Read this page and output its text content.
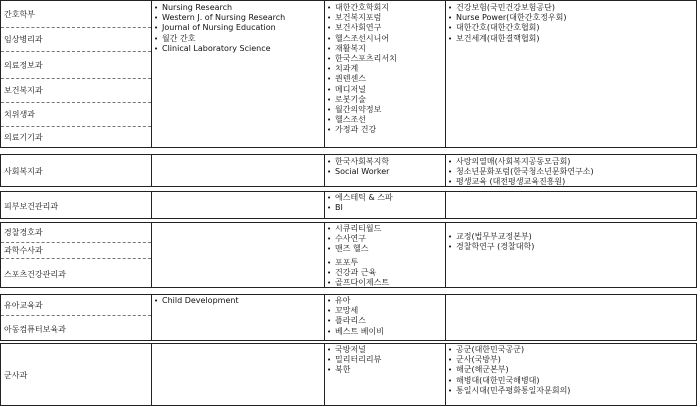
간호학부
임상병리과
의료정보과
보건복지과
치위생과
의료기기과
• Nursing Research
• Western J. of Nursing Research
• Journal of Nursing Education
• 월간 간호
• Clinical Laboratory Science
• 대한간호학회지
• 보건복지포럼
• 보건사회연구
• 헬스조선시니어
• 재활복지
• 한국스포츠리서치
• 치과계
• 퀀텐센스
• 메디저널
• 로봇기술
• 월간의약정보
• 헬스조선
• 가정과 건강
• 건강보험(국민건강보험공단)
• Nurse Power(대한간호정우회)
• 대한간호(대한간호협회)
• 보건세계(대한결핵협회)
사회복지과
• 한국사회복지학
• Social Worker
• 사랑의열매(사회복지공동모금회)
• 청소년문화포럼(한국청소년문화연구소)
• 평생교육 (대전평생교육진흥원)
피부보건관리과
• 에스테틱 & 스파
• BI
경찰경호과
과학수사과
스포츠건강관리과
• 시큐리티월드
• 수사연구
• 맨즈 헬스
• 포포투
• 건강과 근육
• 골프다이제스트
• 교정(법무부교정본부)
• 경찰학연구 (경찰대학)
유아교육과
아동컴퓨터보육과
• Child Development	• 유아
• 꼬망세
• 플라리스
• 베스트 베이비
군사과
• 국방저널
• 밀리터리리뷰
• 북한
• 공군(대한민국공군)
• 군사(국방부)
• 해군(해군본부)
• 해병대(대한민국해병대)
• 통일시대(민주평화통일자문회의)
